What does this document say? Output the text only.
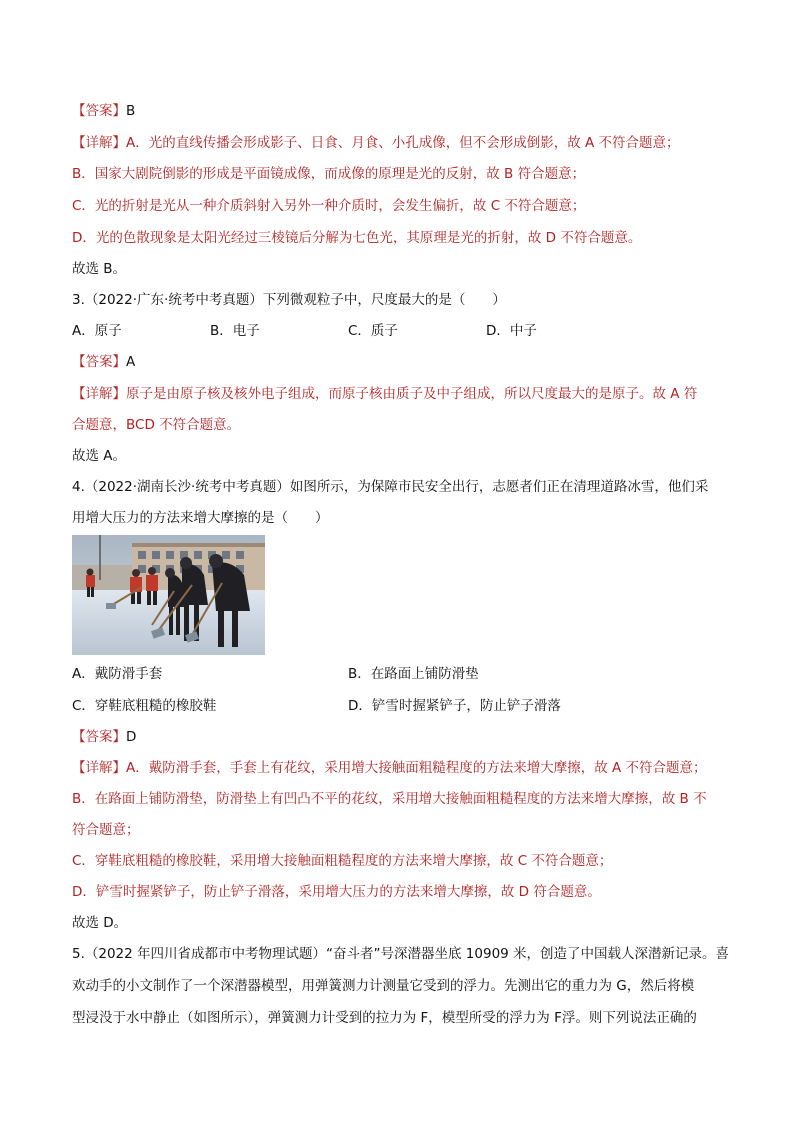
【答案】B
【详解】A．光的直线传播会形成影子、日食、月食、小孔成像，但不会形成倒影，故 A 不符合题意；
B．国家大剧院倒影的形成是平面镜成像，而成像的原理是光的反射，故 B 符合题意；
C．光的折射是光从一种介质斜射入另外一种介质时，会发生偏折，故 C 不符合题意；
D．光的色散现象是太阳光经过三棱镜后分解为七色光，其原理是光的折射，故 D 不符合题意。
故选 B。
3.（2022·广东·统考中考真题）下列微观粒子中，尺度最大的是（　　）
A．原子	B．电子	C．质子	D．中子
【答案】A
【详解】原子是由原子核及核外电子组成，而原子核由质子及中子组成，所以尺度最大的是原子。故 A 符
合题意，BCD 不符合题意。
故选 A。
4.（2022·湖南长沙·统考中考真题）如图所示，为保障市民安全出行，志愿者们正在清理道路冰雪，他们采
用增大压力的方法来增大摩擦的是（　　）
A．戴防滑手套	B．在路面上铺防滑垫
C．穿鞋底粗糙的橡胶鞋	D．铲雪时握紧铲子，防止铲子滑落
【答案】D
【详解】A．戴防滑手套，手套上有花纹，采用增大接触面粗糙程度的方法来增大摩擦，故 A 不符合题意；
B．在路面上铺防滑垫，防滑垫上有凹凸不平的花纹，采用增大接触面粗糙程度的方法来增大摩擦，故 B 不
符合题意；
C．穿鞋底粗糙的橡胶鞋，采用增大接触面粗糙程度的方法来增大摩擦，故 C 不符合题意；
D．铲雪时握紧铲子，防止铲子滑落，采用增大压力的方法来增大摩擦，故 D 符合题意。
故选 D。
5.（2022 年四川省成都市中考物理试题）“奋斗者”号深潜器坐底 10909 米，创造了中国载人深潜新记录。喜
欢动手的小文制作了一个深潜器模型，用弹簧测力计测量它受到的浮力。先测出它的重力为 G，然后将模
型浸没于水中静止（如图所示），弹簧测力计受到的拉力为 F，模型所受的浮力为 F浮。则下列说法正确的
